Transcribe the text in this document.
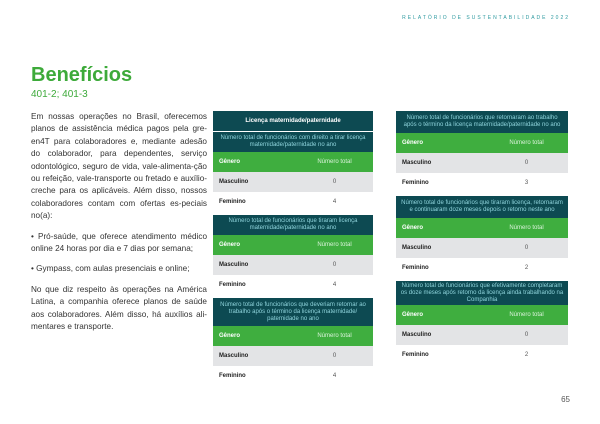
RELATÓRIO DE SUSTENTABILIDADE 2022
Benefícios
401-2; 401-3

Em nossas operações no Brasil, oferecemos planos de assistência médica pagos pela gre-en4T para colaboradores e, mediante adesão do colaborador, para dependentes, serviço odontológico, seguro de vida, vale-alimenta-ção ou refeição, vale-transporte ou fretado e auxílio-creche para os aplicáveis. Além disso, nossos colaboradores contam com ofertas es-peciais no(a):

• Pró-saúde, que oferece atendimento médico online 24 horas por dia e 7 dias por semana;

• Gympass, com aulas presenciais e online;

No que diz respeito às operações na América Latina, a companhia oferece planos de saúde aos colaboradores. Além disso, há auxílios ali-mentares e transporte.

Licença maternidade/paternidade
Número total de funcionários com direito a tirar licença maternidade/paternidade no ano
Gênero	Número total
Masculino	0
Feminino	4
Número total de funcionários que tiraram licença maternidade/paternidade no ano
Gênero	Número total
Masculino	0
Feminino	4
Número total de funcionários que deveriam retornar ao trabalho após o término da licença maternidade/ paternidade no ano
Gênero	Número total
Masculino	0
Feminino	4
Número total de funcionários que retornaram ao trabalho após o término da licença maternidade/paternidade no ano
Gênero	Número total
Masculino	0
Feminino	3
Número total de funcionários que tiraram licença, retornaram e continuaram doze meses depois o retorno neste ano
Gênero	Número total
Masculino	0
Feminino	2
Número total de funcionários que efetivamente completaram os doze meses após retorno da licença ainda trabalhando na Companhia
Gênero	Número total
Masculino	0
Feminino	2
65
